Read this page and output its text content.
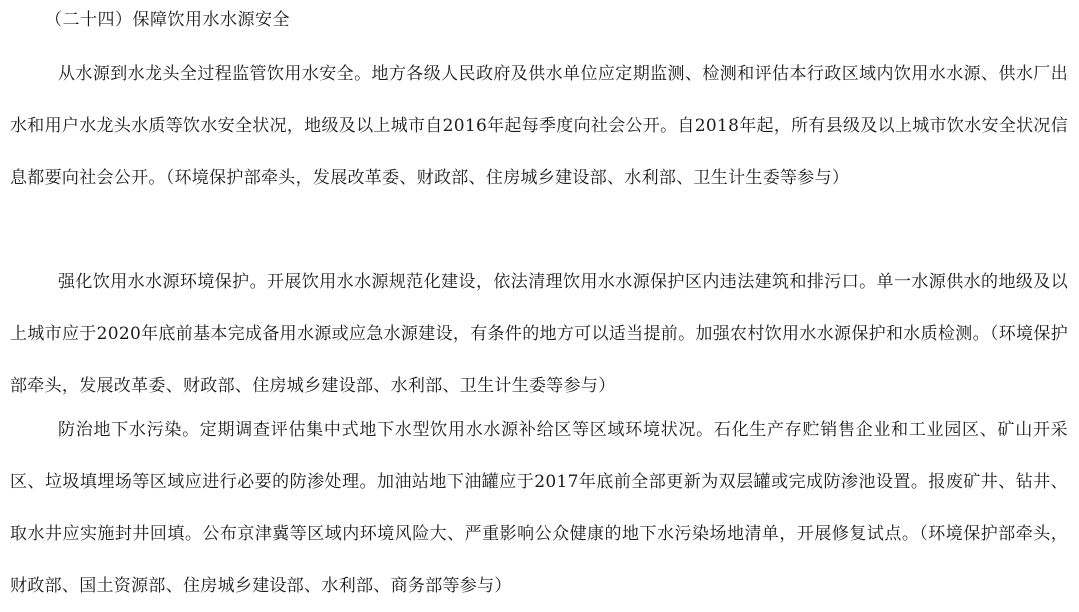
（二十四）保障饮用水水源安全

从水源到水龙头全过程监管饮用水安全。地方各级人民政府及供水单位应定期监测、检测和评估本行政区域内饮用水水源、供水厂出水和用户水龙头水质等饮水安全状况，地级及以上城市自2016年起每季度向社会公开。自2018年起，所有县级及以上城市饮水安全状况信息都要向社会公开。（环境保护部牵头，发展改革委、财政部、住房城乡建设部、水利部、卫生计生委等参与）

强化饮用水水源环境保护。开展饮用水水源规范化建设，依法清理饮用水水源保护区内违法建筑和排污口。单一水源供水的地级及以上城市应于2020年底前基本完成备用水源或应急水源建设，有条件的地方可以适当提前。加强农村饮用水水源保护和水质检测。（环境保护部牵头，发展改革委、财政部、住房城乡建设部、水利部、卫生计生委等参与）

防治地下水污染。定期调查评估集中式地下水型饮用水水源补给区等区域环境状况。石化生产存贮销售企业和工业园区、矿山开采区、垃圾填埋场等区域应进行必要的防渗处理。加油站地下油罐应于2017年底前全部更新为双层罐或完成防渗池设置。报废矿井、钻井、取水井应实施封井回填。公布京津冀等区域内环境风险大、严重影响公众健康的地下水污染场地清单，开展修复试点。（环境保护部牵头，财政部、国土资源部、住房城乡建设部、水利部、商务部等参与）
